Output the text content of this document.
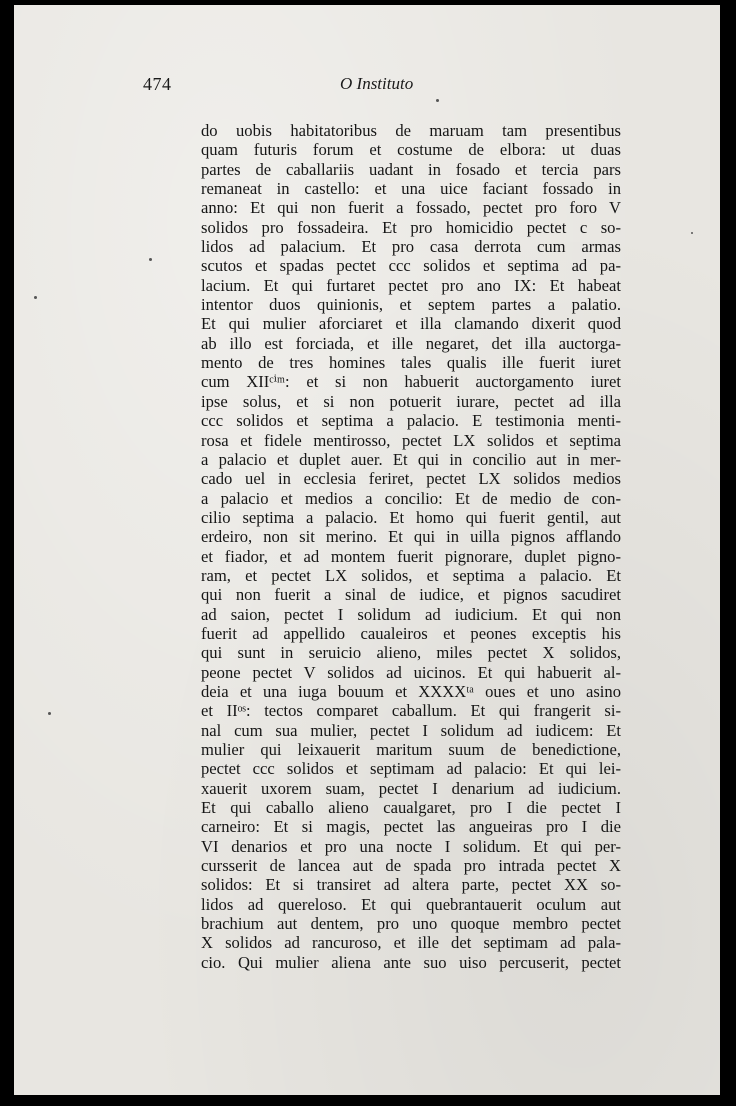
474	O Instituto
do uobis habitatoribus de maruam tam presentibus
quam futuris forum et costume de elbora: ut duas
partes de caballariis uadant in fosado et tercia pars
remaneat in castello: et una uice faciant fossado in
anno: Et qui non fuerit a fossado, pectet pro foro V
solidos pro fossadeira. Et pro homicidio pectet c so-
lidos ad palacium. Et pro casa derrota cum armas
scutos et spadas pectet ccc solidos et septima ad pa-
lacium. Et qui furtaret pectet pro ano IX: Et habeat
intentor duos quinionis, et septem partes a palatio.
Et qui mulier aforciaret et illa clamando dixerit quod
ab illo est forciada, et ille negaret, det illa auctorga-
mento de tres homines tales qualis ille fuerit iuret
cum XIIᶜⁱᵐ: et si non habuerit auctorgamento iuret
ipse solus, et si non potuerit iurare, pectet ad illa
ccc solidos et septima a palacio. E testimonia menti-
rosa et fidele mentirosso, pectet LX solidos et septima
a palacio et duplet auer. Et qui in concilio aut in mer-
cado uel in ecclesia feriret, pectet LX solidos medios
a palacio et medios a concilio: Et de medio de con-
cilio septima a palacio. Et homo qui fuerit gentil, aut
erdeiro, non sit merino. Et qui in uilla pignos afflando
et fiador, et ad montem fuerit pignorare, duplet pigno-
ram, et pectet LX solidos, et septima a palacio. Et
qui non fuerit a sinal de iudice, et pignos sacudiret
ad saion, pectet I solidum ad iudicium. Et qui non
fuerit ad appellido caualeiros et peones exceptis his
qui sunt in seruicio alieno, miles pectet X solidos,
peone pectet V solidos ad uicinos. Et qui habuerit al-
deia et una iuga bouum et XXXXᵗᵃ oues et uno asino
et IIᵒˢ: tectos comparet caballum. Et qui frangerit si-
nal cum sua mulier, pectet I solidum ad iudicem: Et
mulier qui leixauerit maritum suum de benedictione,
pectet ccc solidos et septimam ad palacio: Et qui lei-
xauerit uxorem suam, pectet I denarium ad iudicium.
Et qui caballo alieno caualgaret, pro I die pectet I
carneiro: Et si magis, pectet las angueiras pro I die
VI denarios et pro una nocte I solidum. Et qui per-
cursserit de lancea aut de spada pro intrada pectet X
solidos: Et si transiret ad altera parte, pectet XX so-
lidos ad quereloso. Et qui quebrantauerit oculum aut
brachium aut dentem, pro uno quoque membro pectet
X solidos ad rancuroso, et ille det septimam ad pala-
cio. Qui mulier aliena ante suo uiso percuserit, pectet
